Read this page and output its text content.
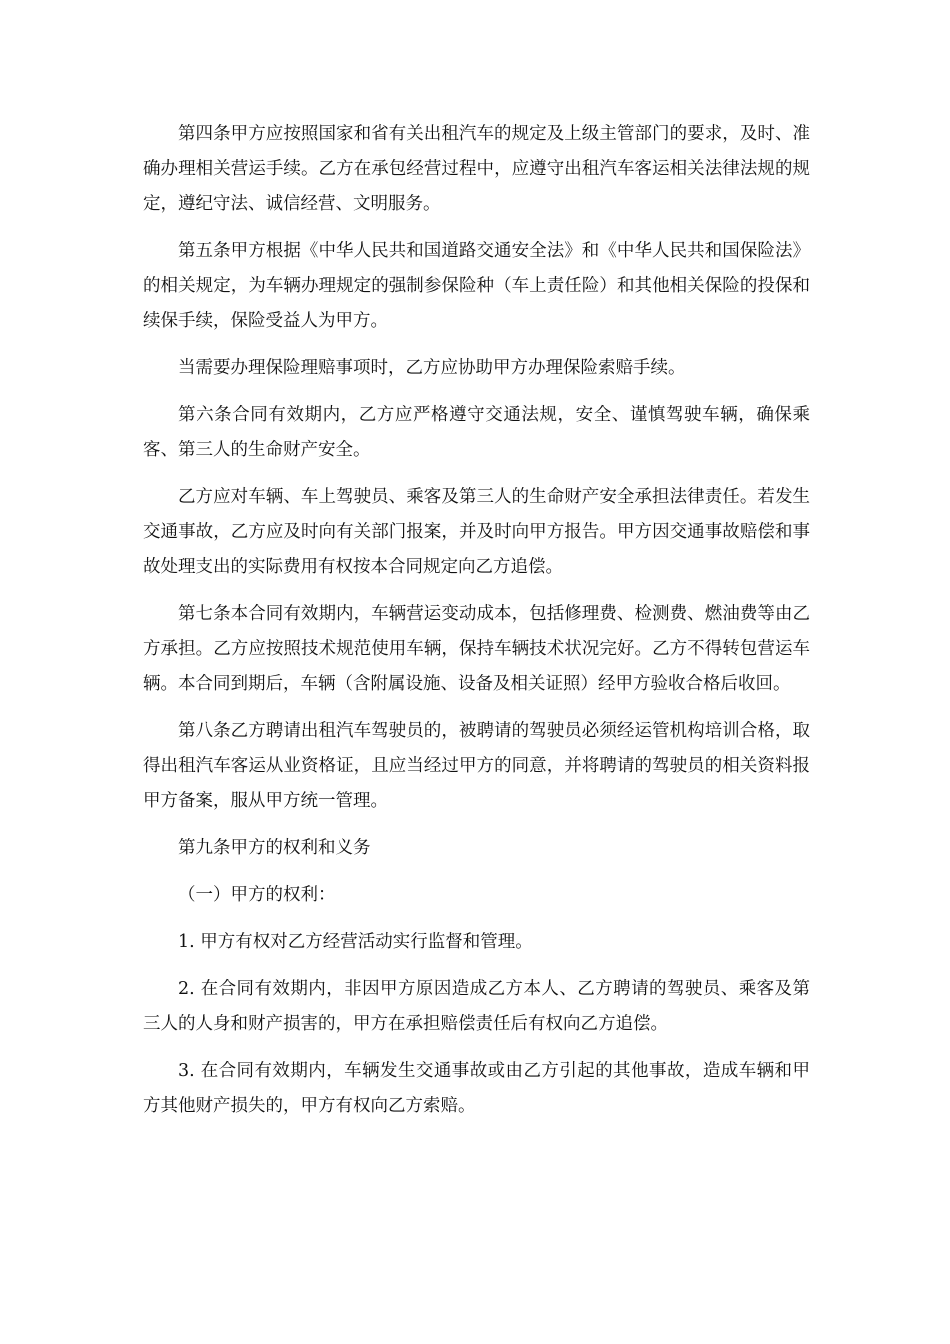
第四条甲方应按照国家和省有关出租汽车的规定及上级主管部门的要求，及时、准确办理相关营运手续。乙方在承包经营过程中，应遵守出租汽车客运相关法律法规的规定，遵纪守法、诚信经营、文明服务。

第五条甲方根据《中华人民共和国道路交通安全法》和《中华人民共和国保险法》的相关规定，为车辆办理规定的强制参保险种（车上责任险）和其他相关保险的投保和续保手续，保险受益人为甲方。

当需要办理保险理赔事项时，乙方应协助甲方办理保险索赔手续。

第六条合同有效期内，乙方应严格遵守交通法规，安全、谨慎驾驶车辆，确保乘客、第三人的生命财产安全。

乙方应对车辆、车上驾驶员、乘客及第三人的生命财产安全承担法律责任。若发生交通事故，乙方应及时向有关部门报案，并及时向甲方报告。甲方因交通事故赔偿和事故处理支出的实际费用有权按本合同规定向乙方追偿。

第七条本合同有效期内，车辆营运变动成本，包括修理费、检测费、燃油费等由乙方承担。乙方应按照技术规范使用车辆，保持车辆技术状况完好。乙方不得转包营运车辆。本合同到期后，车辆（含附属设施、设备及相关证照）经甲方验收合格后收回。

第八条乙方聘请出租汽车驾驶员的，被聘请的驾驶员必须经运管机构培训合格，取得出租汽车客运从业资格证，且应当经过甲方的同意，并将聘请的驾驶员的相关资料报甲方备案，服从甲方统一管理。

第九条甲方的权利和义务

（一）甲方的权利：

1. 甲方有权对乙方经营活动实行监督和管理。

2. 在合同有效期内，非因甲方原因造成乙方本人、乙方聘请的驾驶员、乘客及第三人的人身和财产损害的，甲方在承担赔偿责任后有权向乙方追偿。

3. 在合同有效期内，车辆发生交通事故或由乙方引起的其他事故，造成车辆和甲方其他财产损失的，甲方有权向乙方索赔。
